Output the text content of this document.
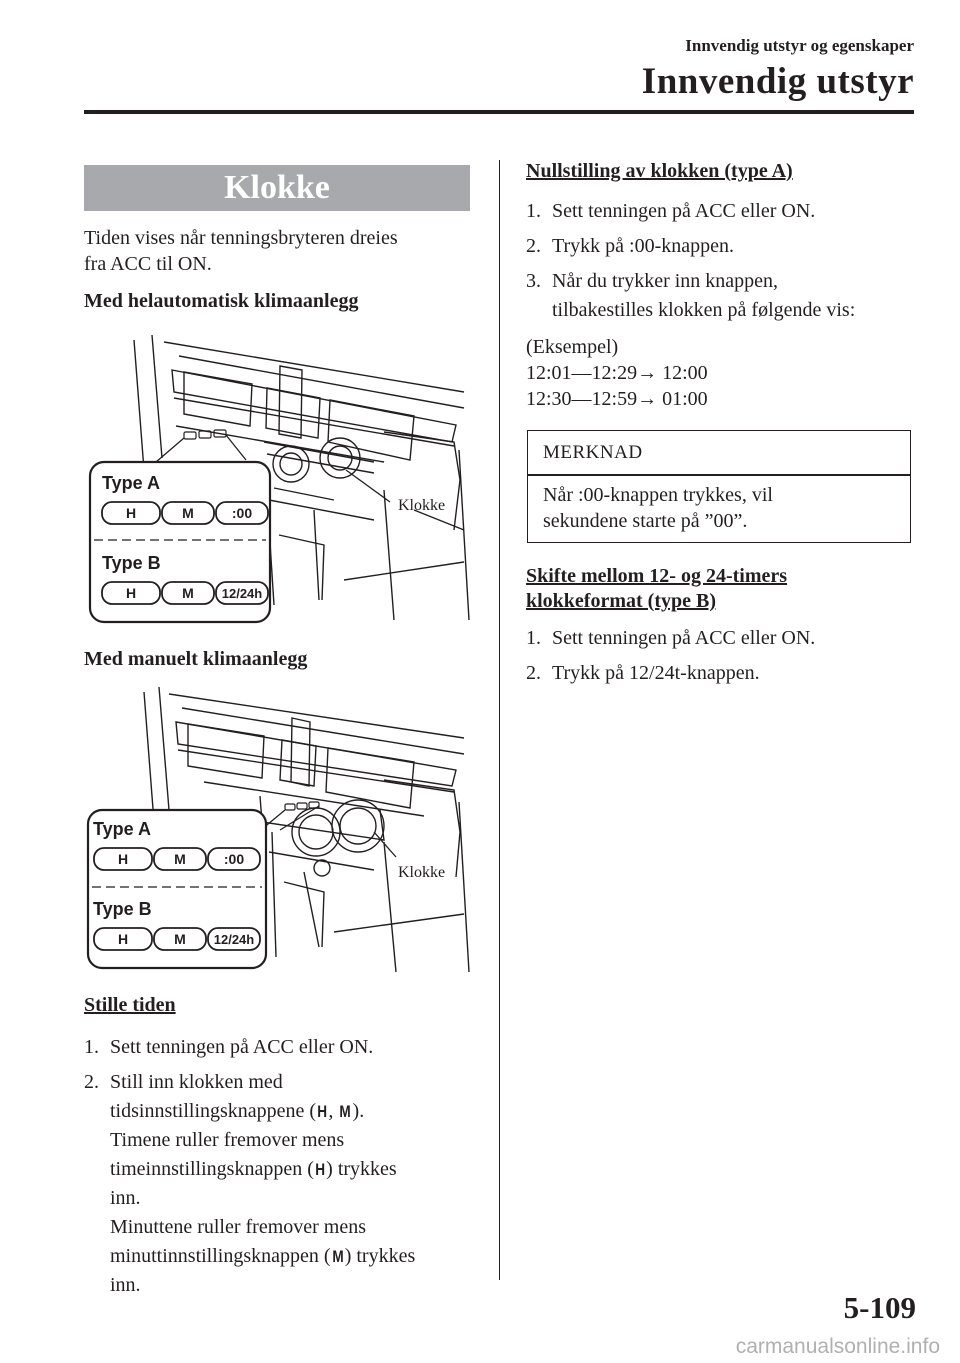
Innvendig utstyr og egenskaper
Innvendig utstyr
Klokke
Tiden vises når tenningsbryteren dreies
fra ACC til ON.
Med helautomatisk klimaanlegg
Type A
H	M	:00
Type B
H	M 12/24h
Klokke
Med manuelt klimaanlegg
Type A
H	M	:00
Type B
H	M 12/24h
Klokke
Stille tiden
1. Sett tenningen på ACC eller ON.
2. Still inn klokken med
tidsinnstillingsknappene (H, M).
Timene ruller fremover mens
timeinnstillingsknappen (H) trykkes
inn.
Minuttene ruller fremover mens
minuttinnstillingsknappen (M) trykkes
inn.
Nullstilling av klokken (type A)
1. Sett tenningen på ACC eller ON.
2. Trykk på :00-knappen.
3. Når du trykker inn knappen,
tilbakestilles klokken på følgende vis:
(Eksempel)
12:01—12:29→ 12:00
12:30—12:59→ 01:00
MERKNAD
Når :00-knappen trykkes, vil
sekundene starte på ”00”.
Skifte mellom 12- og 24-timers
klokkeformat (type B)
1. Sett tenningen på ACC eller ON.
2. Trykk på 12/24t-knappen.
5-109
carmanualsonline.info
